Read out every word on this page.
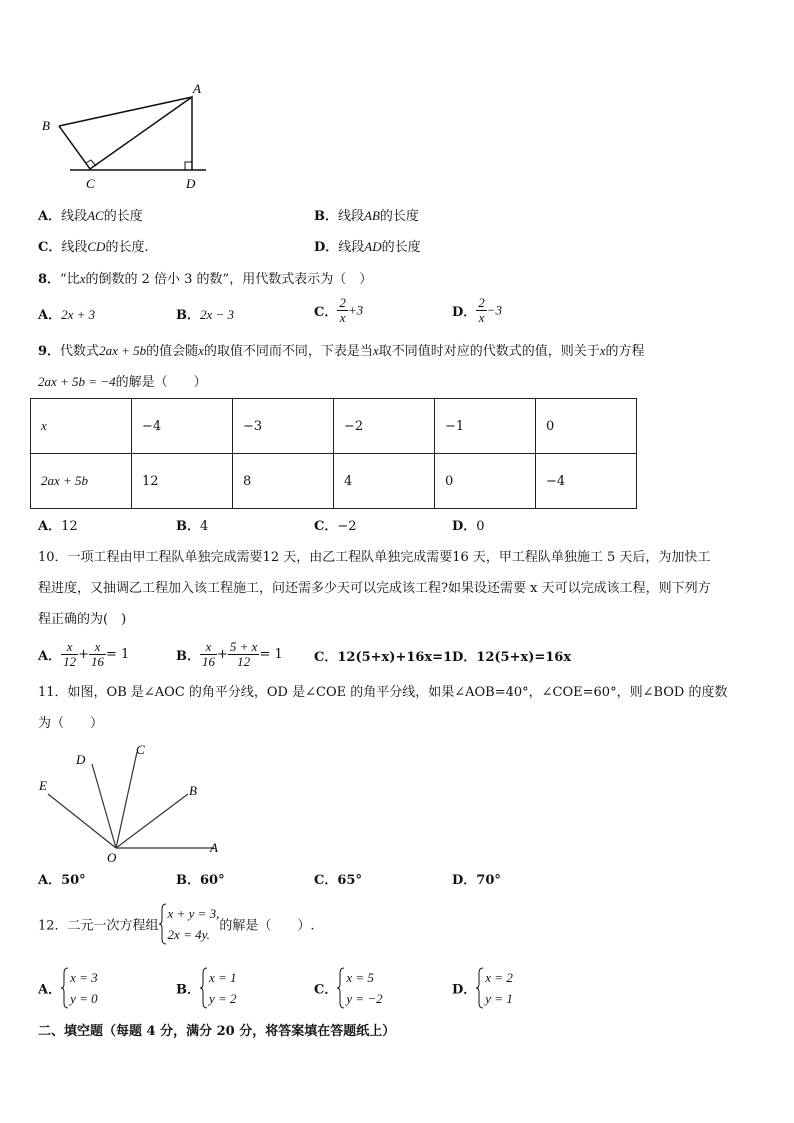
A
B
C	D
A．线段AC的长度	B．线段AB的长度
C．线段CD的长度.	D．线段AD的长度
8．“比x的倒数的 2 倍小 3 的数”，用代数式表示为（　）
A．2x + 3	B．2x − 3	C． $\frac{2}{x} +3$	D． $\frac{2}{x} -3$
9．代数式2ax + 5b的值会随x的取值不同而不同，下表是当x取不同值时对应的代数式的值，则关于x的方程
2ax + 5b = −4的解是（　　）
x	−4	−3	−2	−1	0
2ax + 5b	12	8	4	0	−4
A．12	B．4	C．−2	D．0
10．一项工程由甲工程队单独完成需要12 天，由乙工程队单独完成需要16 天，甲工程队单独施工 5 天后，为加快工
程进度，又抽调乙工程加入该工程施工，问还需多少天可以完成该工程?如果设还需要 x 天可以完成该工程，则下列方
程正确的为(　)
A． $\frac{x}{12} + \frac{x}{16} = 1$	B． $\frac{x}{16} + \frac{5 + x}{12} = 1$ C．12(5+x)+16x=1 D．12(5+x)=16x
11．如图，OB 是∠AOC 的角平分线，OD 是∠COE 的角平分线，如果∠AOB=40°，∠COE=60°，则∠BOD 的度数
为（　　）
A
B
C
D
E
O
A．50°	B．60°	C．65°	D．70°
12．二元一次方程组
x + y = 3,
2x = 4y.
的解是（　　）.
A．
x = 3
y = 0
B．
x = 1
y = 2
C．
x = 5
y = −2
D．
x = 2
y = 1
二、填空题（每题 4 分，满分 20 分，将答案填在答题纸上）
